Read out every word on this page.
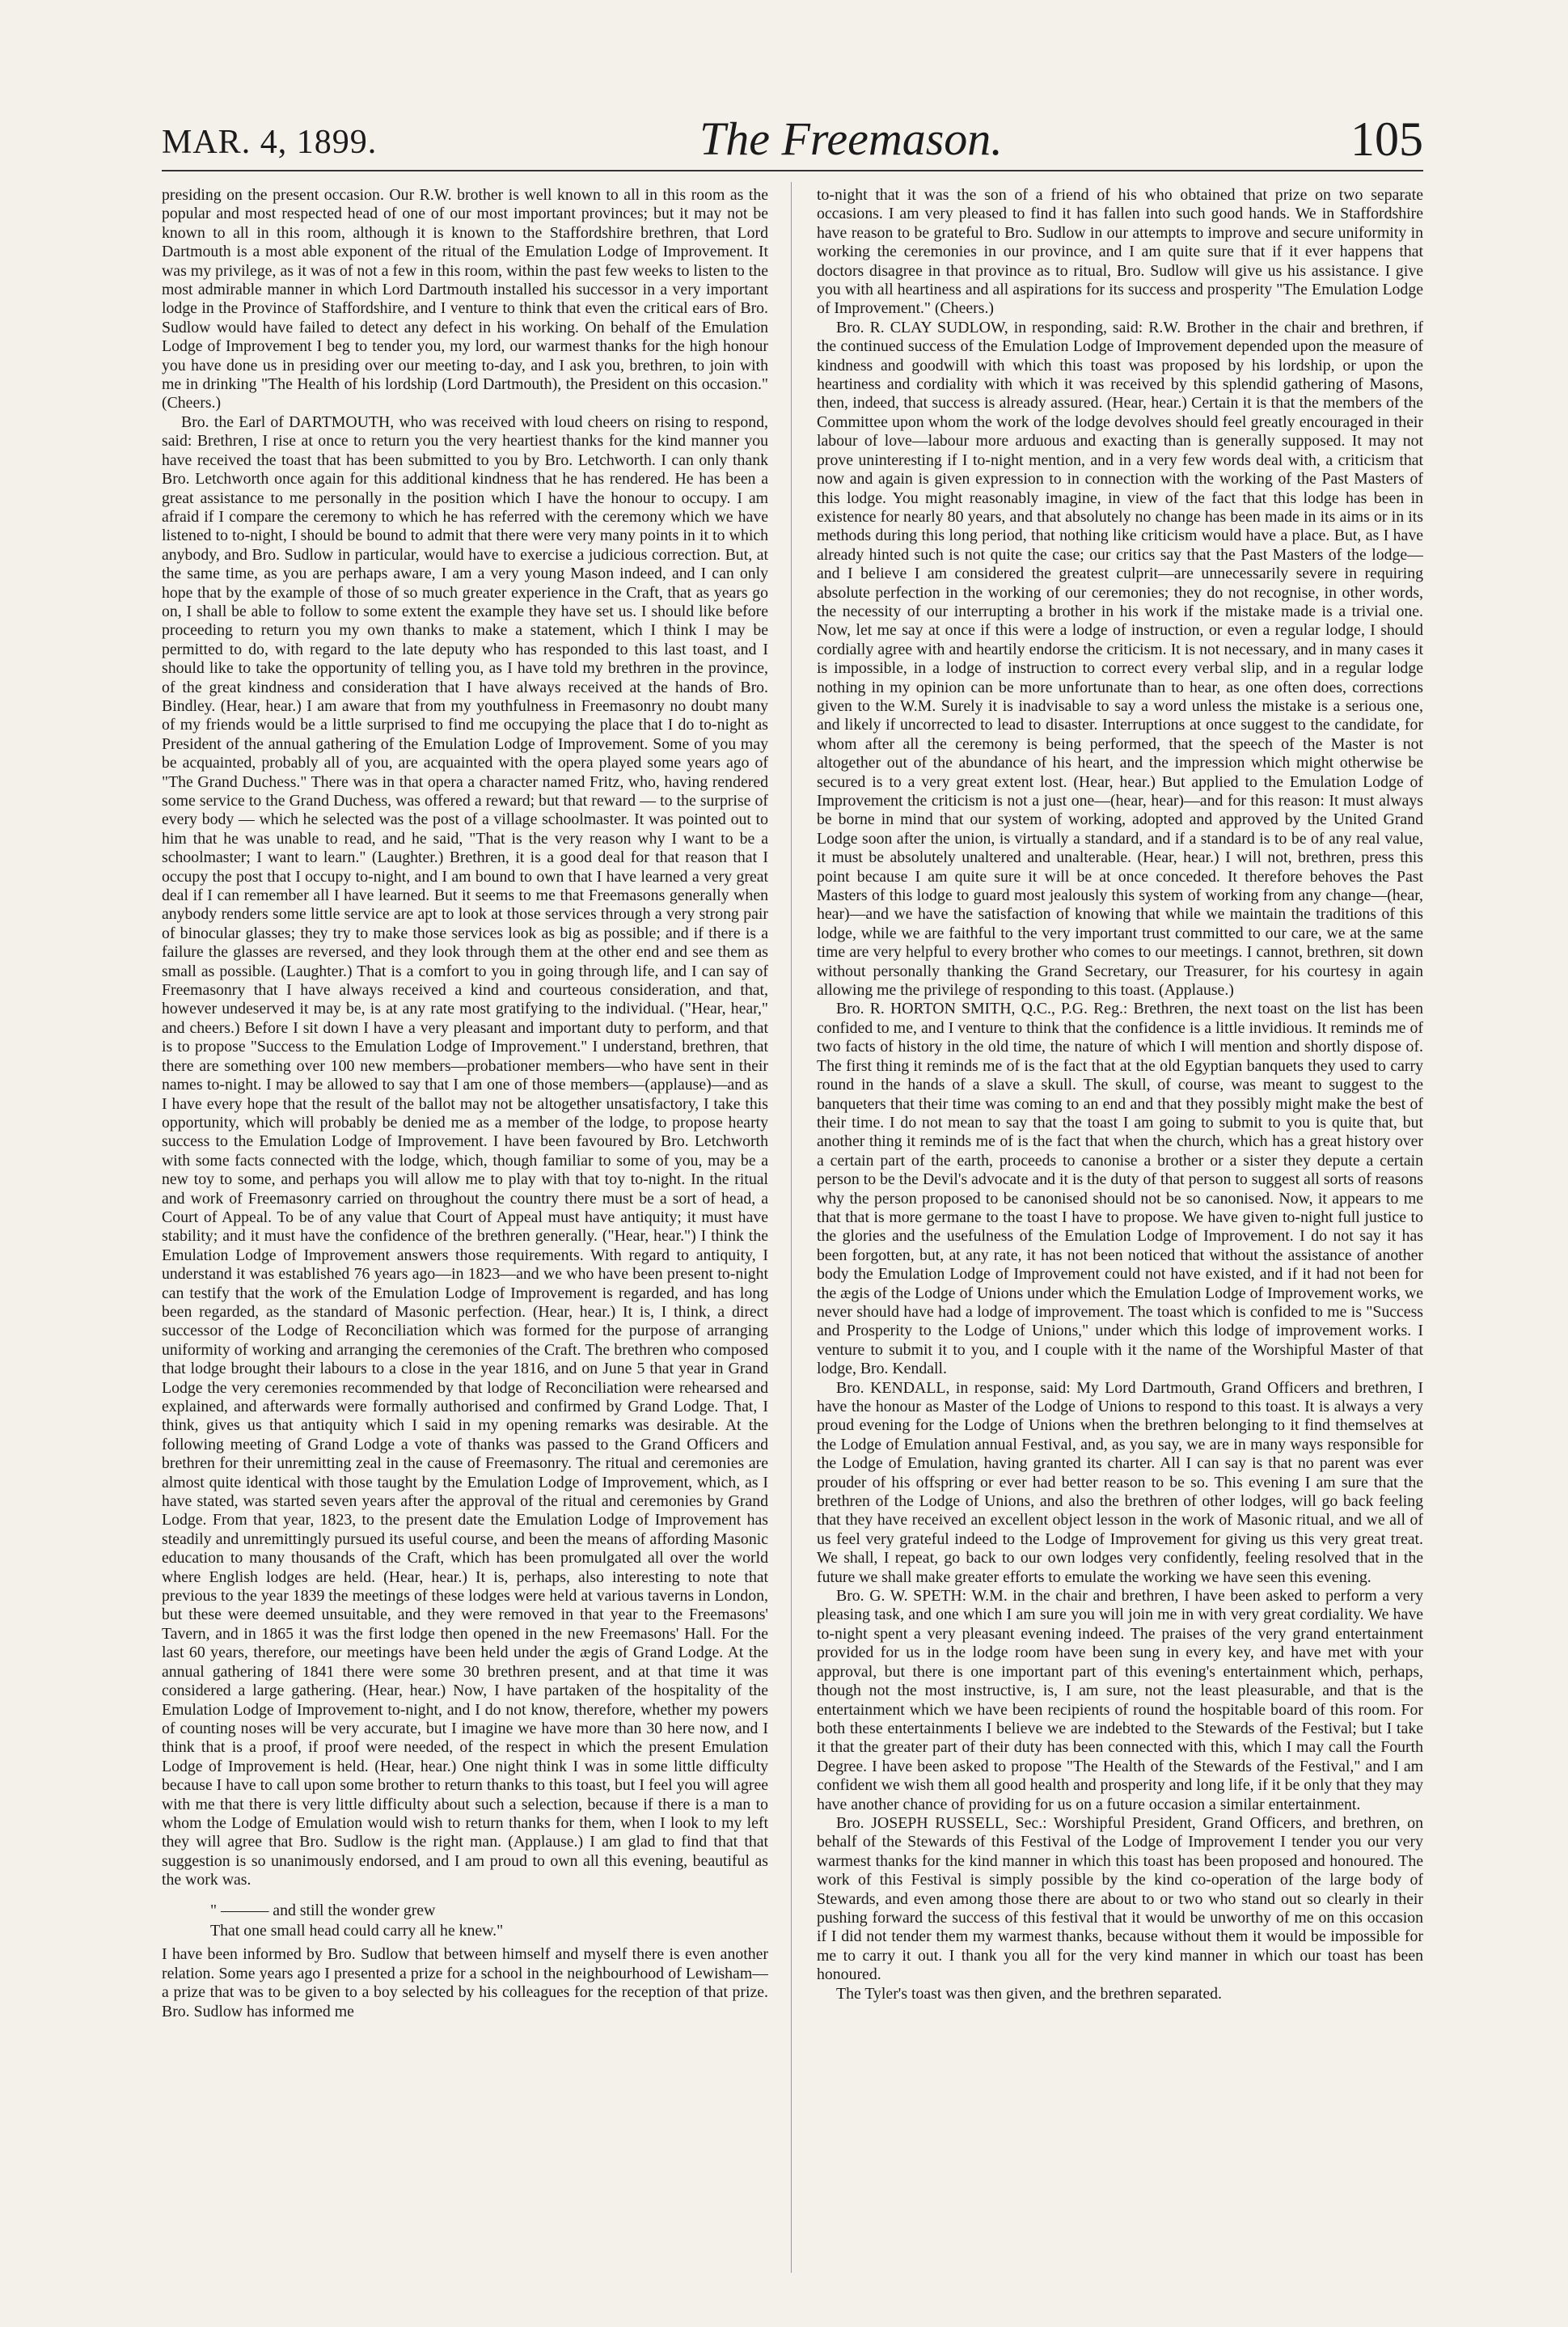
MAR. 4, 1899.	The Freemason.	105

presiding on the present occasion. Our R.W. brother is well known to all in this room as the popular and most respected head of one of our most important provinces; but it may not be known to all in this room, although it is known to the Staffordshire brethren, that Lord Dartmouth is a most able exponent of the ritual of the Emulation Lodge of Improvement. It was my privilege, as it was of not a few in this room, within the past few weeks to listen to the most admirable manner in which Lord Dartmouth installed his successor in a very important lodge in the Province of Staffordshire, and I venture to think that even the critical ears of Bro. Sudlow would have failed to detect any defect in his working. On behalf of the Emulation Lodge of Improvement I beg to tender you, my lord, our warmest thanks for the high honour you have done us in presiding over our meeting to-day, and I ask you, brethren, to join with me in drinking "The Health of his lordship (Lord Dartmouth), the President on this occasion." (Cheers.)

Bro. the Earl of DARTMOUTH, who was received with loud cheers on rising to respond, said: Brethren, I rise at once to return you the very heartiest thanks for the kind manner you have received the toast that has been submitted to you by Bro. Letchworth. I can only thank Bro. Letchworth once again for this additional kindness that he has rendered. He has been a great assistance to me personally in the position which I have the honour to occupy. I am afraid if I compare the ceremony to which he has referred with the ceremony which we have listened to to-night, I should be bound to admit that there were very many points in it to which anybody, and Bro. Sudlow in particular, would have to exercise a judicious correction. But, at the same time, as you are perhaps aware, I am a very young Mason indeed, and I can only hope that by the example of those of so much greater experience in the Craft, that as years go on, I shall be able to follow to some extent the example they have set us. I should like before proceeding to return you my own thanks to make a statement, which I think I may be permitted to do, with regard to the late deputy who has responded to this last toast, and I should like to take the opportunity of telling you, as I have told my brethren in the province, of the great kindness and consideration that I have always received at the hands of Bro. Bindley. (Hear, hear.) I am aware that from my youthfulness in Freemasonry no doubt many of my friends would be a little surprised to find me occupying the place that I do to-night as President of the annual gathering of the Emulation Lodge of Improvement. Some of you may be acquainted, probably all of you, are acquainted with the opera played some years ago of "The Grand Duchess." There was in that opera a character named Fritz, who, having rendered some service to the Grand Duchess, was offered a reward; but that reward — to the surprise of every body — which he selected was the post of a village schoolmaster. It was pointed out to him that he was unable to read, and he said, "That is the very reason why I want to be a schoolmaster; I want to learn." (Laughter.) Brethren, it is a good deal for that reason that I occupy the post that I occupy to-night, and I am bound to own that I have learned a very great deal if I can remember all I have learned. But it seems to me that Freemasons generally when anybody renders some little service are apt to look at those services through a very strong pair of binocular glasses; they try to make those services look as big as possible; and if there is a failure the glasses are reversed, and they look through them at the other end and see them as small as possible. (Laughter.) That is a comfort to you in going through life, and I can say of Freemasonry that I have always received a kind and courteous consideration, and that, however undeserved it may be, is at any rate most gratifying to the individual. ("Hear, hear," and cheers.) Before I sit down I have a very pleasant and important duty to perform, and that is to propose "Success to the Emulation Lodge of Improvement." I understand, brethren, that there are something over 100 new members—probationer members—who have sent in their names to-night. I may be allowed to say that I am one of those members—(applause)—and as I have every hope that the result of the ballot may not be altogether unsatisfactory, I take this opportunity, which will probably be denied me as a member of the lodge, to propose hearty success to the Emulation Lodge of Improvement. I have been favoured by Bro. Letchworth with some facts connected with the lodge, which, though familiar to some of you, may be a new toy to some, and perhaps you will allow me to play with that toy to-night. In the ritual and work of Freemasonry carried on throughout the country there must be a sort of head, a Court of Appeal. To be of any value that Court of Appeal must have antiquity; it must have stability; and it must have the confidence of the brethren generally. ("Hear, hear.") I think the Emulation Lodge of Improvement answers those requirements. With regard to antiquity, I understand it was established 76 years ago—in 1823—and we who have been present to-night can testify that the work of the Emulation Lodge of Improvement is regarded, and has long been regarded, as the standard of Masonic perfection. (Hear, hear.) It is, I think, a direct successor of the Lodge of Reconciliation which was formed for the purpose of arranging uniformity of working and arranging the ceremonies of the Craft. The brethren who composed that lodge brought their labours to a close in the year 1816, and on June 5 that year in Grand Lodge the very ceremonies recommended by that lodge of Reconciliation were rehearsed and explained, and afterwards were formally authorised and confirmed by Grand Lodge. That, I think, gives us that antiquity which I said in my opening remarks was desirable. At the following meeting of Grand Lodge a vote of thanks was passed to the Grand Officers and brethren for their unremitting zeal in the cause of Freemasonry. The ritual and ceremonies are almost quite identical with those taught by the Emulation Lodge of Improvement, which, as I have stated, was started seven years after the approval of the ritual and ceremonies by Grand Lodge. From that year, 1823, to the present date the Emulation Lodge of Improvement has steadily and unremittingly pursued its useful course, and been the means of affording Masonic education to many thousands of the Craft, which has been promulgated all over the world where English lodges are held. (Hear, hear.) It is, perhaps, also interesting to note that previous to the year 1839 the meetings of these lodges were held at various taverns in London, but these were deemed unsuitable, and they were removed in that year to the Freemasons' Tavern, and in 1865 it was the first lodge then opened in the new Freemasons' Hall. For the last 60 years, therefore, our meetings have been held under the ægis of Grand Lodge. At the annual gathering of 1841 there were some 30 brethren present, and at that time it was considered a large gathering. (Hear, hear.) Now, I have partaken of the hospitality of the Emulation Lodge of Improvement to-night, and I do not know, therefore, whether my powers of counting noses will be very accurate, but I imagine we have more than 30 here now, and I think that is a proof, if proof were needed, of the respect in which the present Emulation Lodge of Improvement is held. (Hear, hear.) One night think I was in some little difficulty because I have to call upon some brother to return thanks to this toast, but I feel you will agree with me that there is very little difficulty about such a selection, because if there is a man to whom the Lodge of Emulation would wish to return thanks for them, when I look to my left they will agree that Bro. Sudlow is the right man. (Applause.) I am glad to find that that suggestion is so unanimously endorsed, and I am proud to own all this evening, beautiful as the work was.

" ——— and still the wonder grew
That one small head could carry all he knew."

I have been informed by Bro. Sudlow that between himself and myself there is even another relation. Some years ago I presented a prize for a school in the neighbourhood of Lewisham—a prize that was to be given to a boy selected by his colleagues for the reception of that prize. Bro. Sudlow has informed me

to-night that it was the son of a friend of his who obtained that prize on two separate occasions. I am very pleased to find it has fallen into such good hands. We in Staffordshire have reason to be grateful to Bro. Sudlow in our attempts to improve and secure uniformity in working the ceremonies in our province, and I am quite sure that if it ever happens that doctors disagree in that province as to ritual, Bro. Sudlow will give us his assistance. I give you with all heartiness and all aspirations for its success and prosperity "The Emulation Lodge of Improvement." (Cheers.)

Bro. R. CLAY SUDLOW, in responding, said: R.W. Brother in the chair and brethren, if the continued success of the Emulation Lodge of Improvement depended upon the measure of kindness and goodwill with which this toast was proposed by his lordship, or upon the heartiness and cordiality with which it was received by this splendid gathering of Masons, then, indeed, that success is already assured. (Hear, hear.) Certain it is that the members of the Committee upon whom the work of the lodge devolves should feel greatly encouraged in their labour of love—labour more arduous and exacting than is generally supposed. It may not prove uninteresting if I to-night mention, and in a very few words deal with, a criticism that now and again is given expression to in connection with the working of the Past Masters of this lodge. You might reasonably imagine, in view of the fact that this lodge has been in existence for nearly 80 years, and that absolutely no change has been made in its aims or in its methods during this long period, that nothing like criticism would have a place. But, as I have already hinted such is not quite the case; our critics say that the Past Masters of the lodge—and I believe I am considered the greatest culprit—are unnecessarily severe in requiring absolute perfection in the working of our ceremonies; they do not recognise, in other words, the necessity of our interrupting a brother in his work if the mistake made is a trivial one. Now, let me say at once if this were a lodge of instruction, or even a regular lodge, I should cordially agree with and heartily endorse the criticism. It is not necessary, and in many cases it is impossible, in a lodge of instruction to correct every verbal slip, and in a regular lodge nothing in my opinion can be more unfortunate than to hear, as one often does, corrections given to the W.M. Surely it is inadvisable to say a word unless the mistake is a serious one, and likely if uncorrected to lead to disaster. Interruptions at once suggest to the candidate, for whom after all the ceremony is being performed, that the speech of the Master is not altogether out of the abundance of his heart, and the impression which might otherwise be secured is to a very great extent lost. (Hear, hear.) But applied to the Emulation Lodge of Improvement the criticism is not a just one—(hear, hear)—and for this reason: It must always be borne in mind that our system of working, adopted and approved by the United Grand Lodge soon after the union, is virtually a standard, and if a standard is to be of any real value, it must be absolutely unaltered and unalterable. (Hear, hear.) I will not, brethren, press this point because I am quite sure it will be at once conceded. It therefore behoves the Past Masters of this lodge to guard most jealously this system of working from any change—(hear, hear)—and we have the satisfaction of knowing that while we maintain the traditions of this lodge, while we are faithful to the very important trust committed to our care, we at the same time are very helpful to every brother who comes to our meetings. I cannot, brethren, sit down without personally thanking the Grand Secretary, our Treasurer, for his courtesy in again allowing me the privilege of responding to this toast. (Applause.)

Bro. R. HORTON SMITH, Q.C., P.G. Reg.: Brethren, the next toast on the list has been confided to me, and I venture to think that the confidence is a little invidious. It reminds me of two facts of history in the old time, the nature of which I will mention and shortly dispose of. The first thing it reminds me of is the fact that at the old Egyptian banquets they used to carry round in the hands of a slave a skull. The skull, of course, was meant to suggest to the banqueters that their time was coming to an end and that they possibly might make the best of their time. I do not mean to say that the toast I am going to submit to you is quite that, but another thing it reminds me of is the fact that when the church, which has a great history over a certain part of the earth, proceeds to canonise a brother or a sister they depute a certain person to be the Devil's advocate and it is the duty of that person to suggest all sorts of reasons why the person proposed to be canonised should not be so canonised. Now, it appears to me that that is more germane to the toast I have to propose. We have given to-night full justice to the glories and the usefulness of the Emulation Lodge of Improvement. I do not say it has been forgotten, but, at any rate, it has not been noticed that without the assistance of another body the Emulation Lodge of Improvement could not have existed, and if it had not been for the ægis of the Lodge of Unions under which the Emulation Lodge of Improvement works, we never should have had a lodge of improvement. The toast which is confided to me is "Success and Prosperity to the Lodge of Unions," under which this lodge of improvement works. I venture to submit it to you, and I couple with it the name of the Worshipful Master of that lodge, Bro. Kendall.

Bro. KENDALL, in response, said: My Lord Dartmouth, Grand Officers and brethren, I have the honour as Master of the Lodge of Unions to respond to this toast. It is always a very proud evening for the Lodge of Unions when the brethren belonging to it find themselves at the Lodge of Emulation annual Festival, and, as you say, we are in many ways responsible for the Lodge of Emulation, having granted its charter. All I can say is that no parent was ever prouder of his offspring or ever had better reason to be so. This evening I am sure that the brethren of the Lodge of Unions, and also the brethren of other lodges, will go back feeling that they have received an excellent object lesson in the work of Masonic ritual, and we all of us feel very grateful indeed to the Lodge of Improvement for giving us this very great treat. We shall, I repeat, go back to our own lodges very confidently, feeling resolved that in the future we shall make greater efforts to emulate the working we have seen this evening.

Bro. G. W. SPETH: W.M. in the chair and brethren, I have been asked to perform a very pleasing task, and one which I am sure you will join me in with very great cordiality. We have to-night spent a very pleasant evening indeed. The praises of the very grand entertainment provided for us in the lodge room have been sung in every key, and have met with your approval, but there is one important part of this evening's entertainment which, perhaps, though not the most instructive, is, I am sure, not the least pleasurable, and that is the entertainment which we have been recipients of round the hospitable board of this room. For both these entertainments I believe we are indebted to the Stewards of the Festival; but I take it that the greater part of their duty has been connected with this, which I may call the Fourth Degree. I have been asked to propose "The Health of the Stewards of the Festival," and I am confident we wish them all good health and prosperity and long life, if it be only that they may have another chance of providing for us on a future occasion a similar entertainment.

Bro. JOSEPH RUSSELL, Sec.: Worshipful President, Grand Officers, and brethren, on behalf of the Stewards of this Festival of the Lodge of Improvement I tender you our very warmest thanks for the kind manner in which this toast has been proposed and honoured. The work of this Festival is simply possible by the kind co-operation of the large body of Stewards, and even among those there are about to or two who stand out so clearly in their pushing forward the success of this festival that it would be unworthy of me on this occasion if I did not tender them my warmest thanks, because without them it would be impossible for me to carry it out. I thank you all for the very kind manner in which our toast has been honoured.

The Tyler's toast was then given, and the brethren separated.
